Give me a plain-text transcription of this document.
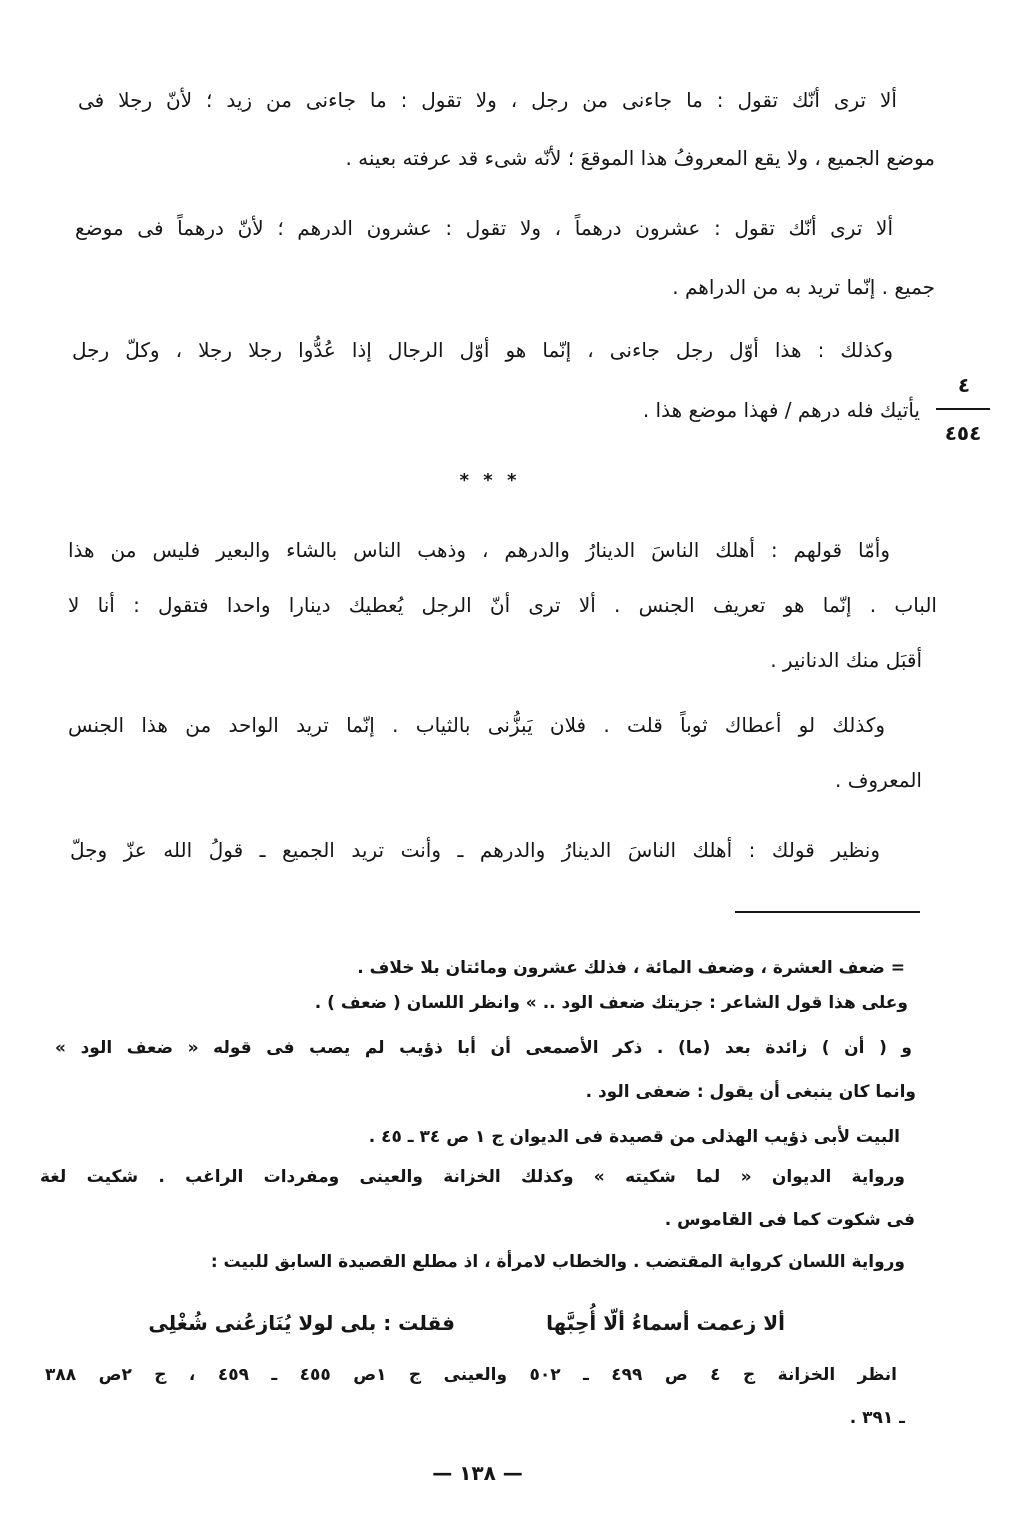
ألا ترى أنّك تقول : ما جاءنى من رجل ، ولا تقول : ما جاءنى من زيد ؛ لأنّ رجلا فى
موضع الجميع ، ولا يقع المعروفُ هذا الموقعَ ؛ لأنّه شىء قد عرفته بعينه .
ألا ترى أنّك تقول : عشرون درهماً ، ولا تقول : عشرون الدرهم ؛ لأنّ درهماً فى موضع
جميع . إنّما تريد به من الدراهم .
وكذلك : هذا أوّل رجل جاءنى ، إنّما هو أوّل الرجال إذا عُدُّوا رجلا رجلا ، وكلّ رجل
يأتيك فله درهم / فهذا موضع هذا .
* * *
وأمّا قولهم : أهلك الناسَ الدينارُ والدرهم ، وذهب الناس بالشاء والبعير فليس من هذا
الباب . إنّما هو تعريف الجنس . ألا ترى أنّ الرجل يُعطيك دينارا واحدا فتقول : أنا لا
أقبَل منك الدنانير .
وكذلك لو أعطاك ثوباً قلت . فلان يَبزُّنى بالثياب . إنّما تريد الواحد من هذا الجنس
المعروف .
ونظير قولك : أهلك الناسَ الدينارُ والدرهم ـ وأنت تريد الجميع ـ قولُ الله عزّ وجلّ
٤
٤٥٤
= ضعف العشرة ، وضعف المائة ، فذلك عشرون ومائتان بلا خلاف .
وعلى هذا قول الشاعر : جزيتك ضعف الود .. » وانظر اللسان ( ضعف ) .
و ( أن ) زائدة بعد (ما) . ذكر الأصمعى أن أبا ذؤيب لم يصب فى قوله « ضعف الود »
وانما كان ينبغى أن يقول : ضعفى الود .
البيت لأبى ذؤيب الهذلى من قصيدة فى الديوان ج ١ ص ٣٤ ـ ٤٥ .
ورواية الديوان « لما شكيته » وكذلك الخزانة والعينى ومفردات الراغب . شكيت لغة
فى شكوت كما فى القاموس .
ورواية اللسان كرواية المقتضب . والخطاب لامرأة ، اذ مطلع القصيدة السابق للبيت :
ألا زعمت أسماءُ ألّا أُحِبَّها
فقلت : بلى لولا يُنَازعُنى شُغْلِى
انظر الخزانة ج ٤ ص ٤٩٩ ـ ٥٠٢ والعينى ج ١ص ٤٥٥ ـ ٤٥٩ ، ج ٢ص ٣٨٨
ـ ٣٩١ .
— ١٣٨ —
